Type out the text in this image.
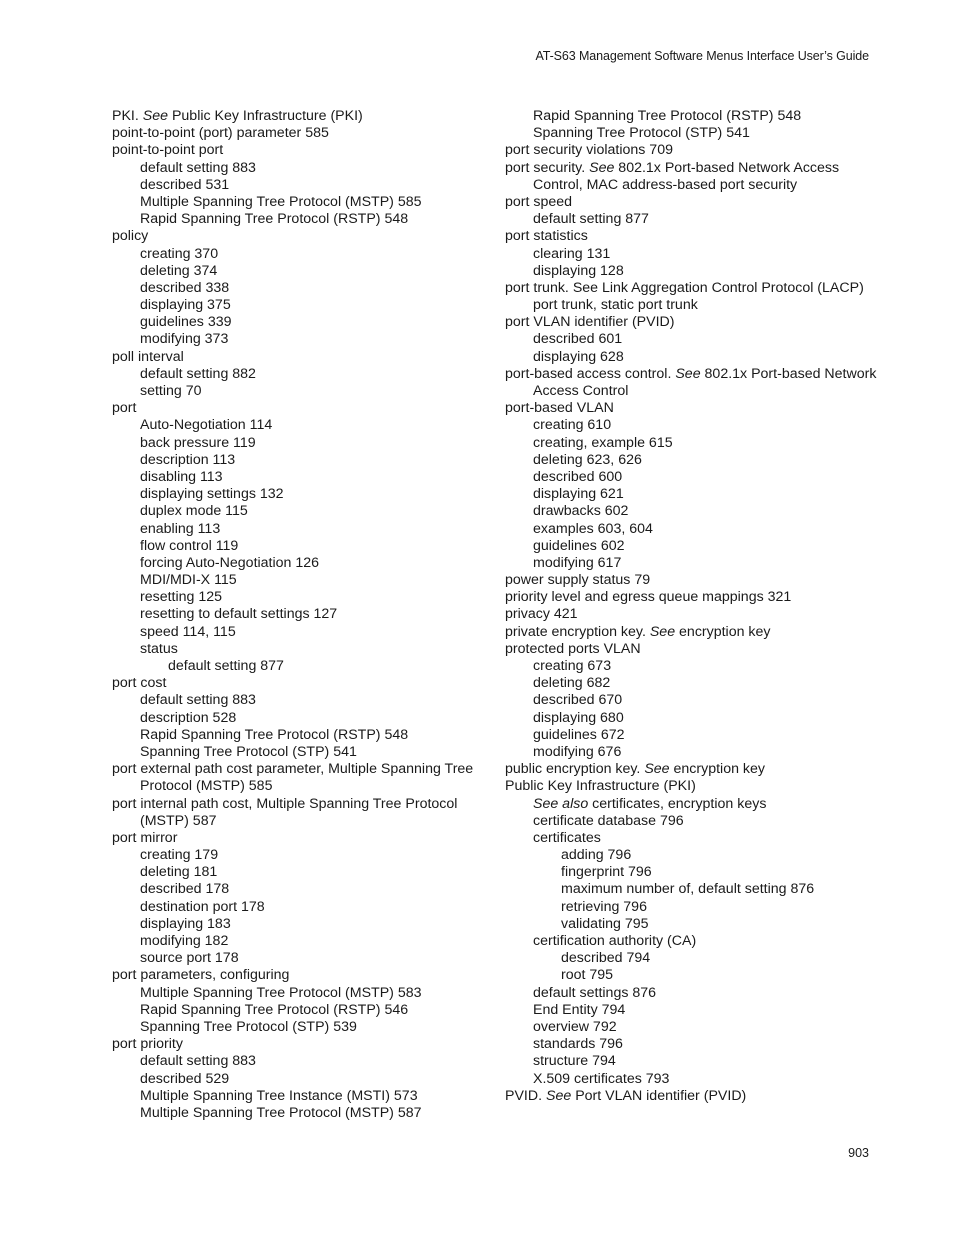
AT-S63 Management Software Menus Interface User’s Guide
PKI. See Public Key Infrastructure (PKI)
point-to-point (port) parameter 585
point-to-point port
default setting 883
described 531
Multiple Spanning Tree Protocol (MSTP) 585
Rapid Spanning Tree Protocol (RSTP) 548
policy
creating 370
deleting 374
described 338
displaying 375
guidelines 339
modifying 373
poll interval
default setting 882
setting 70
port
Auto-Negotiation 114
back pressure 119
description 113
disabling 113
displaying settings 132
duplex mode 115
enabling 113
flow control 119
forcing Auto-Negotiation 126
MDI/MDI-X 115
resetting 125
resetting to default settings 127
speed 114, 115
status
default setting 877
port cost
default setting 883
description 528
Rapid Spanning Tree Protocol (RSTP) 548
Spanning Tree Protocol (STP) 541
port external path cost parameter, Multiple Spanning Tree Protocol (MSTP) 585
port internal path cost, Multiple Spanning Tree Protocol (MSTP) 587
port mirror
creating 179
deleting 181
described 178
destination port 178
displaying 183
modifying 182
source port 178
port parameters, configuring
Multiple Spanning Tree Protocol (MSTP) 583
Rapid Spanning Tree Protocol (RSTP) 546
Spanning Tree Protocol (STP) 539
port priority
default setting 883
described 529
Multiple Spanning Tree Instance (MSTI) 573
Multiple Spanning Tree Protocol (MSTP) 587
Rapid Spanning Tree Protocol (RSTP) 548
Spanning Tree Protocol (STP) 541
port security violations 709
port security. See 802.1x Port-based Network Access Control, MAC address-based port security
port speed
default setting 877
port statistics
clearing 131
displaying 128
port trunk. See Link Aggregation Control Protocol (LACP) port trunk, static port trunk
port VLAN identifier (PVID)
described 601
displaying 628
port-based access control. See 802.1x Port-based Network Access Control
port-based VLAN
creating 610
creating, example 615
deleting 623, 626
described 600
displaying 621
drawbacks 602
examples 603, 604
guidelines 602
modifying 617
power supply status 79
priority level and egress queue mappings 321
privacy 421
private encryption key. See encryption key
protected ports VLAN
creating 673
deleting 682
described 670
displaying 680
guidelines 672
modifying 676
public encryption key. See encryption key
Public Key Infrastructure (PKI)
See also certificates, encryption keys
certificate database 796
certificates
adding 796
fingerprint 796
maximum number of, default setting 876
retrieving 796
validating 795
certification authority (CA)
described 794
root 795
default settings 876
End Entity 794
overview 792
standards 796
structure 794
X.509 certificates 793
PVID. See Port VLAN identifier (PVID)
903
